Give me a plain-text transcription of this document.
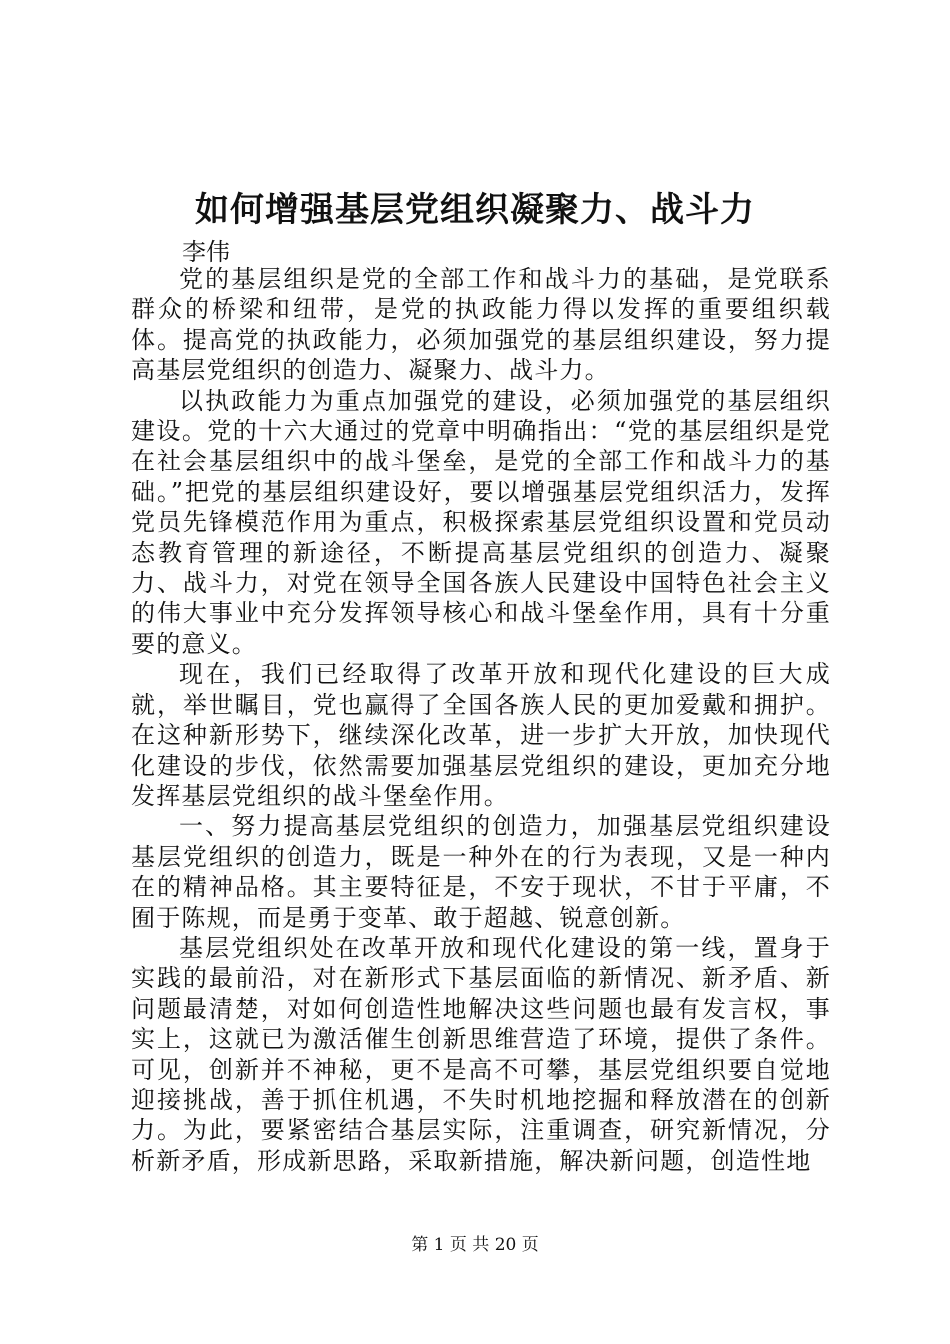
如何增强基层党组织凝聚力、战斗力
李伟

党的基层组织是党的全部工作和战斗力的基础，是党联系群众的桥梁和纽带，是党的执政能力得以发挥的重要组织载体。提高党的执政能力，必须加强党的基层组织建设，努力提高基层党组织的创造力、凝聚力、战斗力。

以执政能力为重点加强党的建设，必须加强党的基层组织建设。党的十六大通过的党章中明确指出：“党的基层组织是党在社会基层组织中的战斗堡垒，是党的全部工作和战斗力的基础。”把党的基层组织建设好，要以增强基层党组织活力，发挥党员先锋模范作用为重点，积极探索基层党组织设置和党员动态教育管理的新途径，不断提高基层党组织的创造力、凝聚力、战斗力，对党在领导全国各族人民建设中国特色社会主义的伟大事业中充分发挥领导核心和战斗堡垒作用，具有十分重要的意义。

现在，我们已经取得了改革开放和现代化建设的巨大成就，举世瞩目，党也赢得了全国各族人民的更加爱戴和拥护。在这种新形势下，继续深化改革，进一步扩大开放，加快现代化建设的步伐，依然需要加强基层党组织的建设，更加充分地发挥基层党组织的战斗堡垒作用。

一、努力提高基层党组织的创造力，加强基层党组织建设基层党组织的创造力，既是一种外在的行为表现，又是一种内在的精神品格。其主要特征是，不安于现状，不甘于平庸，不囿于陈规，而是勇于变革、敢于超越、锐意创新。

基层党组织处在改革开放和现代化建设的第一线，置身于实践的最前沿，对在新形式下基层面临的新情况、新矛盾、新问题最清楚，对如何创造性地解决这些问题也最有发言权，事实上，这就已为激活催生创新思维营造了环境，提供了条件。可见，创新并不神秘，更不是高不可攀，基层党组织要自觉地迎接挑战，善于抓住机遇，不失时机地挖掘和释放潜在的创新力。为此，要紧密结合基层实际，注重调查，研究新情况，分析新矛盾，形成新思路，采取新措施，解决新问题，创造性地

第 1 页 共 20 页
